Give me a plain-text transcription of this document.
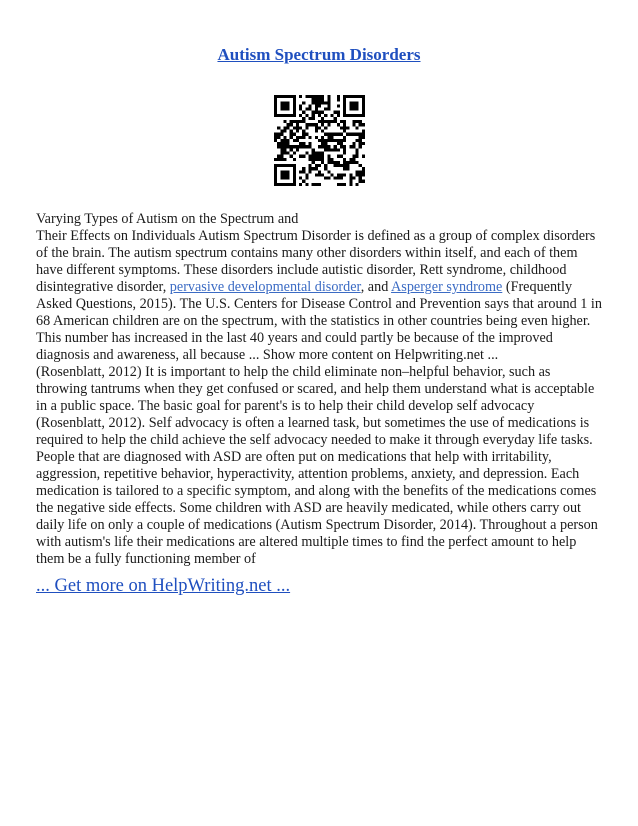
Autism Spectrum Disorders

Varying Types of Autism on the Spectrum and
Their Effects on Individuals Autism Spectrum Disorder is defined as a group of complex disorders of the brain. The autism spectrum contains many other disorders within itself, and each of them have different symptoms. These disorders include autistic disorder, Rett syndrome, childhood disintegrative disorder, pervasive developmental disorder, and Asperger syndrome (Frequently Asked Questions, 2015). The U.S. Centers for Disease Control and Prevention says that around 1 in 68 American children are on the spectrum, with the statistics in other countries being even higher. This number has increased in the last 40 years and could partly be because of the improved diagnosis and awareness, all because ... Show more content on Helpwriting.net ...

(Rosenblatt, 2012) It is important to help the child eliminate non–helpful behavior, such as throwing tantrums when they get confused or scared, and help them understand what is acceptable in a public space. The basic goal for parent's is to help their child develop self advocacy (Rosenblatt, 2012). Self advocacy is often a learned task, but sometimes the use of medications is required to help the child achieve the self advocacy needed to make it through everyday life tasks. People that are diagnosed with ASD are often put on medications that help with irritability, aggression, repetitive behavior, hyperactivity, attention problems, anxiety, and depression. Each medication is tailored to a specific symptom, and along with the benefits of the medications comes the negative side effects. Some children with ASD are heavily medicated, while others carry out daily life on only a couple of medications (Autism Spectrum Disorder, 2014). Throughout a person with autism's life their medications are altered multiple times to find the perfect amount to help them be a fully functioning member of

... Get more on HelpWriting.net ...
